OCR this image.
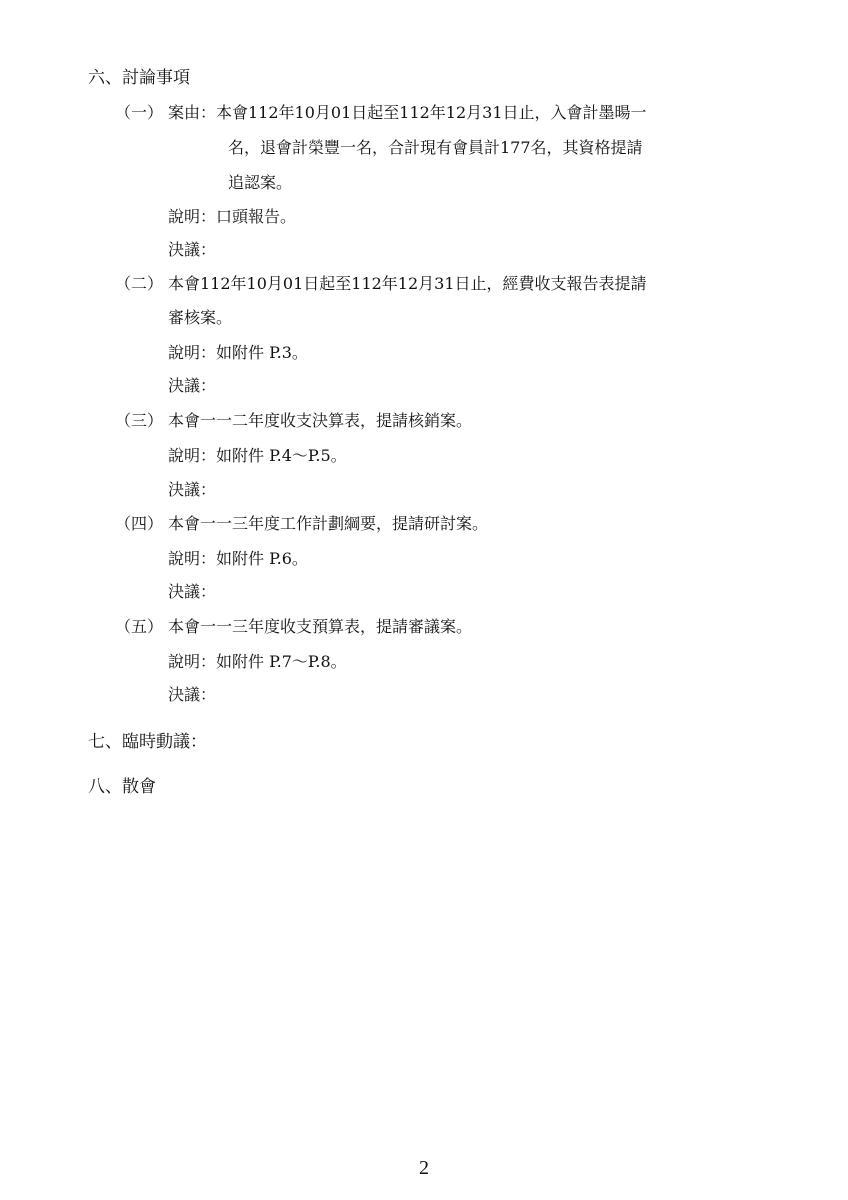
六、討論事項
（一） 案由：本會112年10月01日起至112年12月31日止，入會計墨暘一
名，退會計榮豐一名，合計現有會員計177名，其資格提請
追認案。
說明：口頭報告。
決議：
（二） 本會112年10月01日起至112年12月31日止，經費收支報告表提請
審核案。
說明：如附件 P.3。
決議：
（三） 本會一一二年度收支決算表，提請核銷案。
說明：如附件 P.4～P.5。
決議：
（四） 本會一一三年度工作計劃綱要，提請研討案。
說明：如附件 P.6。
決議：
（五） 本會一一三年度收支預算表，提請審議案。
說明：如附件 P.7～P.8。
決議：
七、臨時動議：
八、散會
2
